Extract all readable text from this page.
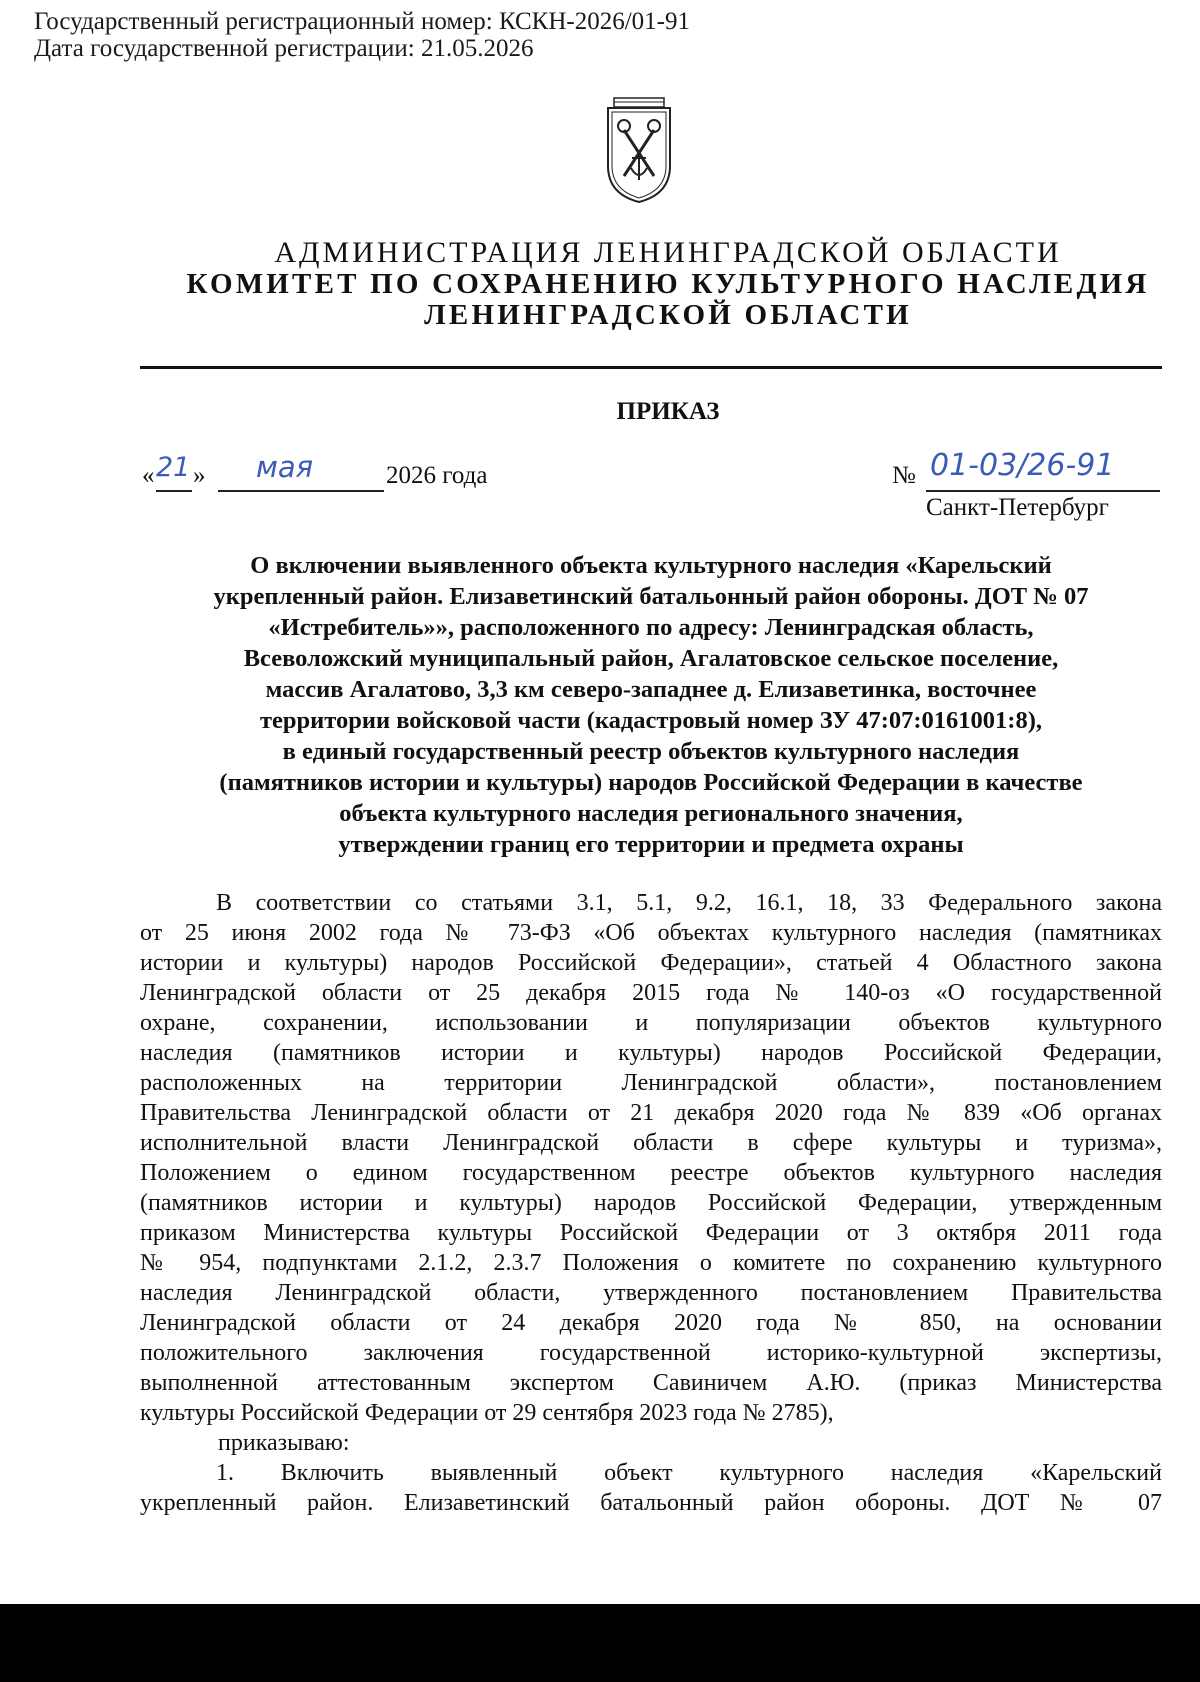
Государственный регистрационный номер: КСКН-2026/01-91
Дата государственной регистрации: 21.05.2026
АДМИНИСТРАЦИЯ ЛЕНИНГРАДСКОЙ ОБЛАСТИ
КОМИТЕТ ПО СОХРАНЕНИЮ КУЛЬТУРНОГО НАСЛЕДИЯ
ЛЕНИНГРАДСКОЙ ОБЛАСТИ
ПРИКАЗ
« 21 » мая	2026 года	№ 01-03/26-91
Санкт-Петербург
О включении выявленного объекта культурного наследия «Карельский
укрепленный район. Елизаветинский батальонный район обороны. ДОТ № 07
«Истребитель»», расположенного по адресу: Ленинградская область,
Всеволожский муниципальный район, Агалатовское сельское поселение,
массив Агалатово, 3,3 км северо-западнее д. Елизаветинка, восточнее
территории войсковой части (кадастровый номер ЗУ 47:07:0161001:8),
в единый государственный реестр объектов культурного наследия
(памятников истории и культуры) народов Российской Федерации в качестве
объекта культурного наследия регионального значения,
утверждении границ его территории и предмета охраны

В соответствии со статьями 3.1, 5.1, 9.2, 16.1, 18, 33 Федерального закона

от 25 июня 2002 года № 73-ФЗ «Об объектах культурного наследия (памятниках

истории и культуры) народов Российской Федерации», статьей 4 Областного закона

Ленинградской области от 25 декабря 2015 года № 140-оз «О государственной

охране, сохранении, использовании и популяризации объектов культурного

наследия (памятников истории и культуры) народов Российской Федерации,

расположенных на территории Ленинградской области», постановлением

Правительства Ленинградской области от 21 декабря 2020 года № 839 «Об органах

исполнительной власти Ленинградской области в сфере культуры и туризма»,

Положением о едином государственном реестре объектов культурного наследия

(памятников истории и культуры) народов Российской Федерации, утвержденным

приказом Министерства культуры Российской Федерации от 3 октября 2011 года

№ 954, подпунктами 2.1.2, 2.3.7 Положения о комитете по сохранению культурного

наследия Ленинградской области, утвержденного постановлением Правительства

Ленинградской области от 24 декабря 2020 года № 850, на основании

положительного заключения государственной историко-культурной экспертизы,

выполненной аттестованным экспертом Савиничем А.Ю. (приказ Министерства

культуры Российской Федерации от 29 сентября 2023 года № 2785),

приказываю:

1. Включить выявленный объект культурного наследия «Карельский

укрепленный район. Елизаветинский батальонный район обороны. ДОТ № 07
